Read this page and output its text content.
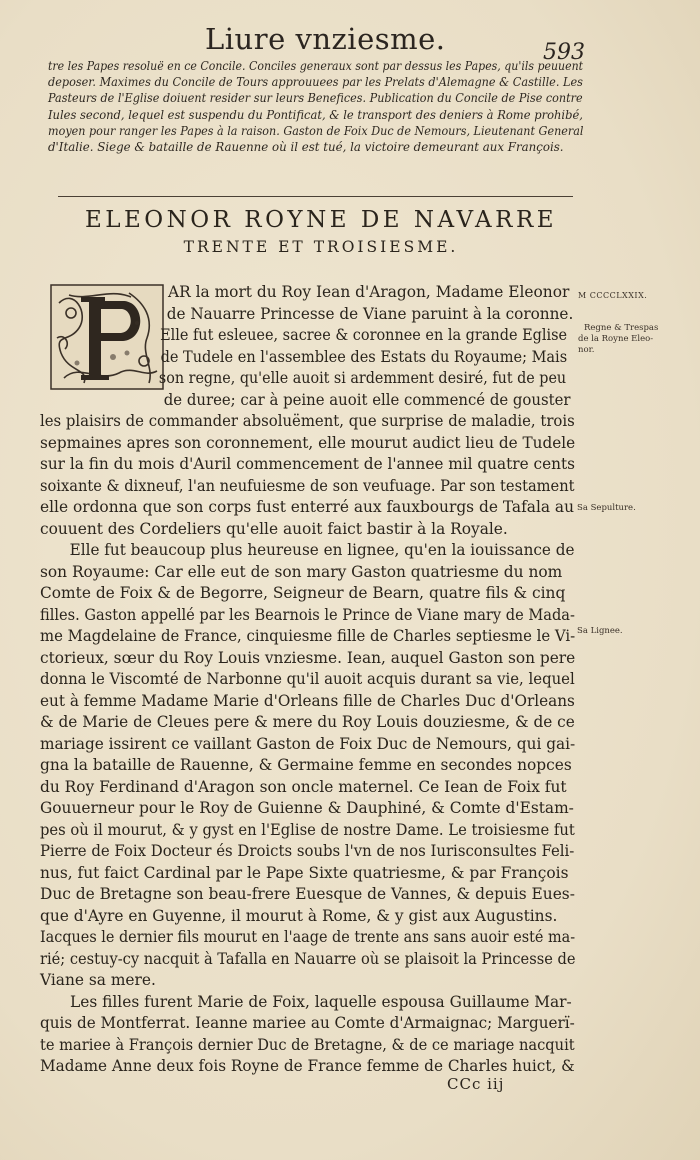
Liure vnziesme.	593
tre les Papes resoluë en ce Concile. Conciles generaux sont par dessus les Papes, qu'ils peuuent
deposer. Maximes du Concile de Tours approuuees par les Prelats d'Alemagne & Castille. Les
Pasteurs de l'Eglise doiuent resider sur leurs Benefices. Publication du Concile de Pise contre
Iules second, lequel est suspendu du Pontificat, & le transport des deniers à Rome prohibé,
moyen pour ranger les Papes à la raison. Gaston de Foix Duc de Nemours, Lieutenant General
d'Italie. Siege & bataille de Rauenne où il est tué, la victoire demeurant aux François.
ELEONOR ROYNE DE NAVARRE
TRENTE ET TROISIESME.
AR la mort du Roy Iean d'Aragon, Madame Eleonor
de Nauarre Princesse de Viane paruint à la coronne.
Elle fut esleuee, sacree & coronnee en la grande Eglise
de Tudele en l'assemblee des Estats du Royaume; Mais
son regne, qu'elle auoit si ardemment desiré, fut de peu
de duree; car à peine auoit elle commencé de gouster
les plaisirs de commander absoluëment, que surprise de maladie, trois
sepmaines apres son coronnement, elle mourut audict lieu de Tudele
sur la fin du mois d'Auril commencement de l'annee mil quatre cents
soixante & dixneuf, l'an neufuiesme de son veufuage. Par son testament
elle ordonna que son corps fust enterré aux fauxbourgs de Tafala au
couuent des Cordeliers qu'elle auoit faict bastir à la Royale.
Elle fut beaucoup plus heureuse en lignee, qu'en la iouissance de
son Royaume: Car elle eut de son mary Gaston quatriesme du nom
Comte de Foix & de Begorre, Seigneur de Bearn, quatre fils & cinq
filles. Gaston appellé par les Bearnois le Prince de Viane mary de Mada-
me Magdelaine de France, cinquiesme fille de Charles septiesme le Vi-
ctorieux, sœur du Roy Louis vnziesme. Iean, auquel Gaston son pere
donna le Viscomté de Narbonne qu'il auoit acquis durant sa vie, lequel
eut à femme Madame Marie d'Orleans fille de Charles Duc d'Orleans
& de Marie de Cleues pere & mere du Roy Louis douziesme, & de ce
mariage issirent ce vaillant Gaston de Foix Duc de Nemours, qui gai-
gna la bataille de Rauenne, & Germaine femme en secondes nopces
du Roy Ferdinand d'Aragon son oncle maternel. Ce Iean de Foix fut
Gouuerneur pour le Roy de Guienne & Dauphiné, & Comte d'Estam-
pes où il mourut, & y gyst en l'Eglise de nostre Dame. Le troisiesme fut
Pierre de Foix Docteur és Droicts soubs l'vn de nos Iurisconsultes Feli-
nus, fut faict Cardinal par le Pape Sixte quatriesme, & par François
Duc de Bretagne son beau-frere Euesque de Vannes, & depuis Eues-
que d'Ayre en Guyenne, il mourut à Rome, & y gist aux Augustins.
Iacques le dernier fils mourut en l'aage de trente ans sans auoir esté ma-
rié; cestuy-cy nacquit à Tafalla en Nauarre où se plaisoit la Princesse de
Viane sa mere.
Les filles furent Marie de Foix, laquelle espousa Guillaume Mar-
quis de Montferrat. Ieanne mariee au Comte d'Armaignac; Marguerï-
te mariee à François dernier Duc de Bretagne, & de ce mariage nacquit
Madame Anne deux fois Royne de France femme de Charles huict, &
M CCCCLXXIX.
Regne & Trespas
de la Royne Eleo-
nor.
Sa Sepulture.
Sa Lignee.
CCc iij
